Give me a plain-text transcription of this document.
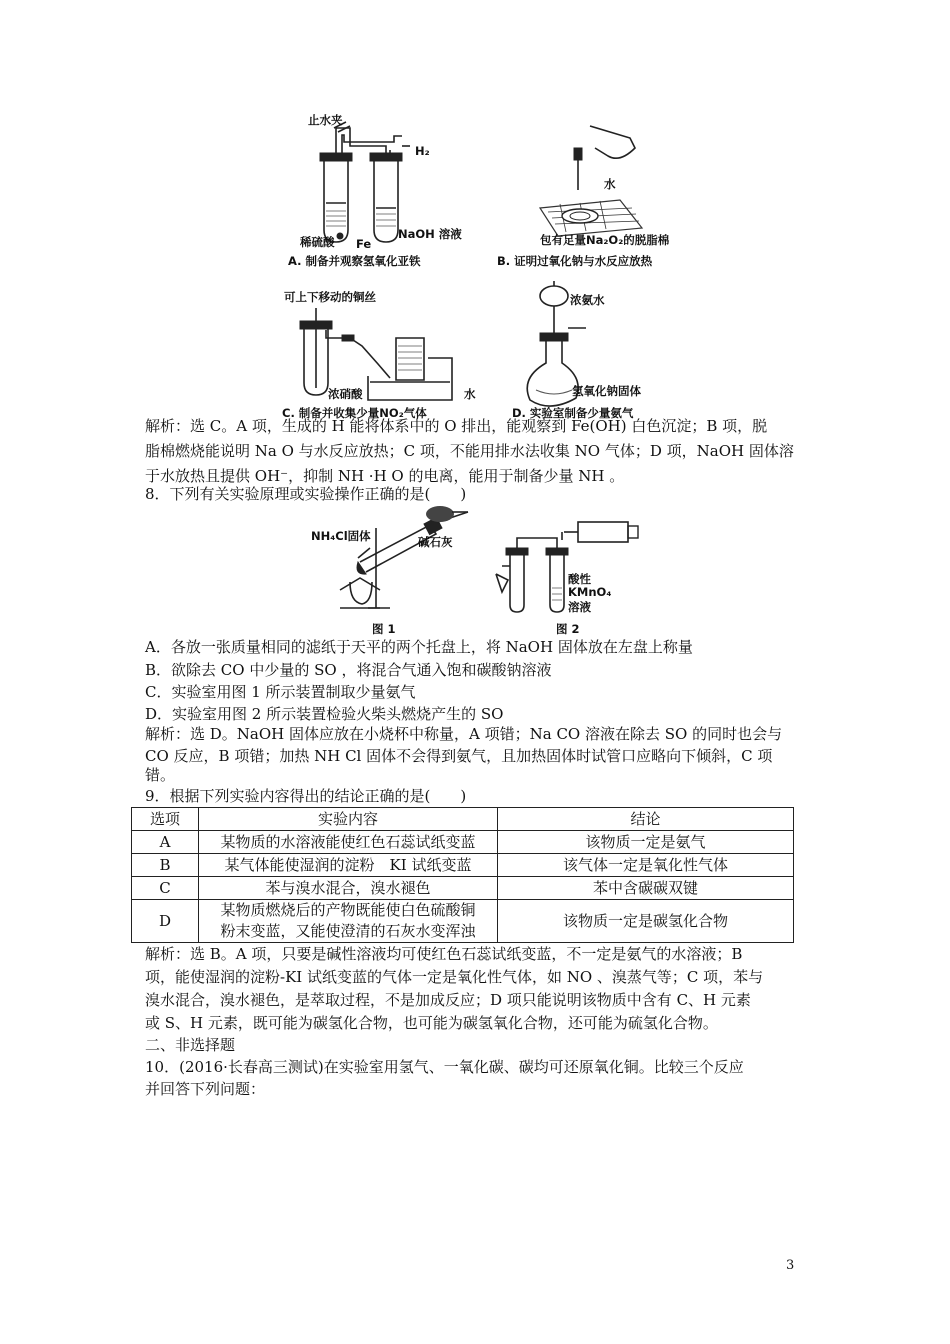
止水夹
H₂
稀硫酸 Fe
NaOH 溶液
A. 制备并观察氢氧化亚铁
水
包有足量Na₂O₂的脱脂棉
B. 证明过氧化钠与水反应放热
可上下移动的铜丝
浓硝酸	水
C. 制备并收集少量NO₂气体
浓氨水
氢氧化钠固体
D. 实验室制备少量氨气
解析：选 C。A 项，生成的 H 能将体系中的 O 排出，能观察到 Fe(OH) 白色沉淀；B 项，脱
脂棉燃烧能说明 Na O 与水反应放热；C 项，不能用排水法收集 NO 气体；D 项，NaOH 固体溶
于水放热且提供 OH⁻，抑制 NH ·H O 的电离，能用于制备少量 NH 。
8．下列有关实验原理或实验操作正确的是(　　)
NH₄Cl固体	碱石灰
图 1
酸性
KMnO₄
溶液
图 2
A．各放一张质量相同的滤纸于天平的两个托盘上，将 NaOH 固体放在左盘上称量
B．欲除去 CO 中少量的 SO ，将混合气通入饱和碳酸钠溶液
C．实验室用图 1 所示装置制取少量氨气
D．实验室用图 2 所示装置检验火柴头燃烧产生的 SO
解析：选 D。NaOH 固体应放在小烧杯中称量，A 项错；Na CO 溶液在除去 SO 的同时也会与
CO 反应，B 项错；加热 NH Cl 固体不会得到氨气，且加热固体时试管口应略向下倾斜，C 项
错。
9．根据下列实验内容得出的结论正确的是(　　)
选项	实验内容	结论
A	某物质的水溶液能使红色石蕊试纸变蓝	该物质一定是氨气
B	某气体能使湿润的淀粉　KI 试纸变蓝	该气体一定是氧化性气体
C	苯与溴水混合，溴水褪色	苯中含碳碳双键
D	某物质燃烧后的产物既能使白色硫酸铜
粉末变蓝，又能使澄清的石灰水变浑浊	该物质一定是碳氢化合物
解析：选 B。A 项，只要是碱性溶液均可使红色石蕊试纸变蓝，不一定是氨气的水溶液；B
项，能使湿润的淀粉-KI 试纸变蓝的气体一定是氧化性气体，如 NO 、溴蒸气等；C 项，苯与
溴水混合，溴水褪色，是萃取过程，不是加成反应；D 项只能说明该物质中含有 C、H 元素
或 S、H 元素，既可能为碳氢化合物，也可能为碳氢氧化合物，还可能为硫氢化合物。
二、非选择题
10．(2016·长春高三测试)在实验室用氢气、一氧化碳、碳均可还原氧化铜。比较三个反应
并回答下列问题：
3
